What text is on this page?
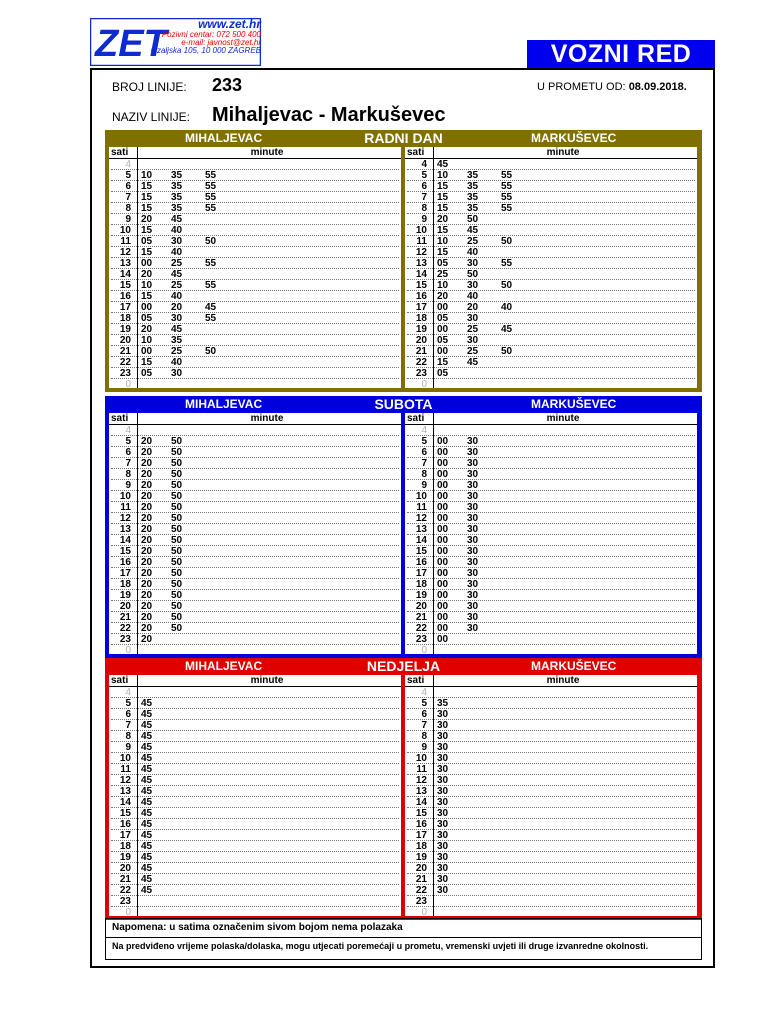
ZET	www.zet.hr
Pozivni centar: 072 500 400
e-mail: javnost@zet.hr
Ozaljska 105, 10 000 ZAGREB	VOZNI RED
BROJ LINIJE: 233	U PROMETU OD: 08.09.2018.
NAZIV LINIJE: Mihaljevac - Markuševec
RADNI DAN
MIHALJEVAC	MARKUŠEVEC
sati	minute
4
5 10 35 55
6 15 35 55
7 15 35 55
8 15 35 55
9 20 45
10 15 40
11 05 30 50
12 15 40
13 00 25 55
14 20 45
15 10 25 55
16 15 40
17 00 20 45
18 05 30 55
19 20 45
20 10 35
21 00 25 50
22 15 40
23 05 30
0
sati	minute
4 45
5 10 35 55
6 15 35 55
7 15 35 55
8 15 35 55
9 20 50
10 15 45
11 10 25 50
12 15 40
13 05 30 55
14 25 50
15 10 30 50
16 20 40
17 00 20 40
18 05 30
19 00 25 45
20 05 30
21 00 25 50
22 15 45
23 05
0
SUBOTA
MIHALJEVAC	MARKUŠEVEC
sati	minute
4
5 20 50
6 20 50
7 20 50
8 20 50
9 20 50
10 20 50
11 20 50
12 20 50
13 20 50
14 20 50
15 20 50
16 20 50
17 20 50
18 20 50
19 20 50
20 20 50
21 20 50
22 20 50
23 20
0
sati	minute
4
5 00 30
6 00 30
7 00 30
8 00 30
9 00 30
10 00 30
11 00 30
12 00 30
13 00 30
14 00 30
15 00 30
16 00 30
17 00 30
18 00 30
19 00 30
20 00 30
21 00 30
22 00 30
23 00
0
NEDJELJA
MIHALJEVAC	MARKUŠEVEC
sati	minute
4
5 45
6 45
7 45
8 45
9 45
10 45
11 45
12 45
13 45
14 45
15 45
16 45
17 45
18 45
19 45
20 45
21 45
22 45
23
0
sati	minute
4
5 35
6 30
7 30
8 30
9 30
10 30
11 30
12 30
13 30
14 30
15 30
16 30
17 30
18 30
19 30
20 30
21 30
22 30
23
0
Napomena: u satima označenim sivom bojom nema polazaka
Na predviđeno vrijeme polaska/dolaska, mogu utjecati poremećaji u prometu, vremenski uvjeti ili druge izvanredne okolnosti.
